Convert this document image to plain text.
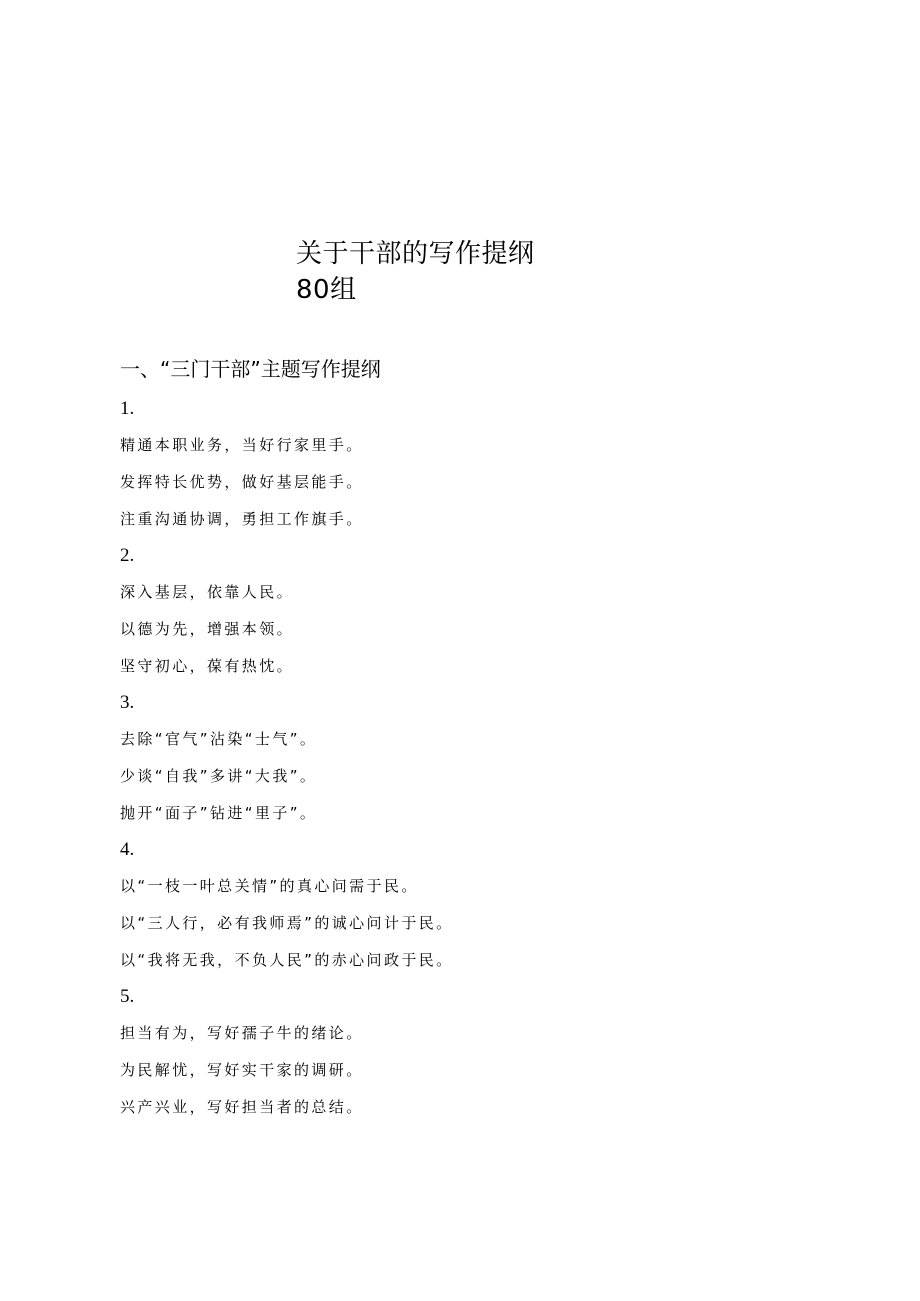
关于干部的写作提纲
80组
一、“三门干部”主题写作提纲
1.
精通本职业务，当好行家里手。
发挥特长优势，做好基层能手。
注重沟通协调，勇担工作旗手。
2.
深入基层，依靠人民。
以德为先，增强本领。
坚守初心，葆有热忱。
3.
去除“官气”沾染“士气”。
少谈“自我”多讲“大我”。
抛开“面子”钻进“里子”。
4.
以“一枝一叶总关情”的真心问需于民。
以“三人行，必有我师焉”的诚心问计于民。
以“我将无我，不负人民”的赤心问政于民。
5.
担当有为，写好孺子牛的绪论。
为民解忧，写好实干家的调研。
兴产兴业，写好担当者的总结。
